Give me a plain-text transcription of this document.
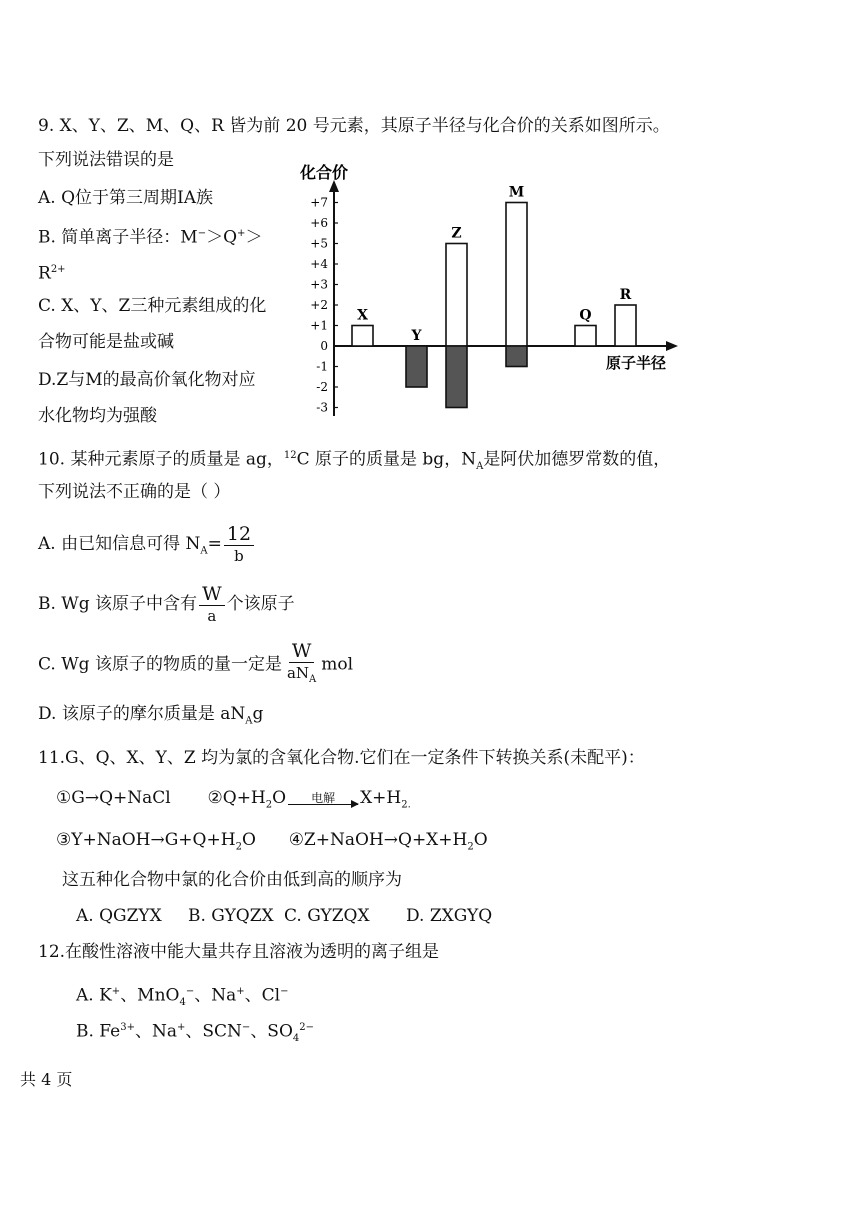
9. X、Y、Z、M、Q、R 皆为前 20 号元素，其原子半径与化合价的关系如图所示。
下列说法错误的是
A. Q位于第三周期ⅠA族
B. 简单离子半径：M−＞Q+＞
$R^{2+}$
C. X、Y、Z三种元素组成的化
合物可能是盐或碱
D.Z与M的最高价氧化物对应
水化物均为强酸
化合价
原子半径
+7
+6
+5
+4
+3
+2
+1
0
-1
-2
-3
X
Y
Z
M
Q
R
10. 某种元素原子的质量是 ag，$^{12}$C 原子的质量是 bg，$N_A$是阿伏加德罗常数的值，
下列说法不正确的是（ ）
A. 由已知信息可得 $N_A= \frac{12}{b}$
B. Wg 该原子中含有 $\frac{W}{a}$ 个该原子
C. Wg 该原子的物质的量一定是 $\frac{W}{aN_A}$ mol
D. 该原子的摩尔质量是 $aN_Ag$
11.G、Q、X、Y、Z 均为氯的含氧化合物.它们在一定条件下转换关系(未配平)：
①G→Q+NaCl $②Q+H_2O$ 电解 $X+H_{2.}$
$③Y+NaOH\to G+Q+H_2O$ $④Z+NaOH\to Q+X+H_2O$
这五种化合物中氯的化合价由低到高的顺序为
A. QGZYX B. GYQZX C. GYZQX D. ZXGYQ
12.在酸性溶液中能大量共存且溶液为透明的离子组是
A. K+、MnO$_4$−、Na+、Cl−
B. $Fe^{3+}$、Na+、SCN−、$SO_4^{2-}$
共 4 页
